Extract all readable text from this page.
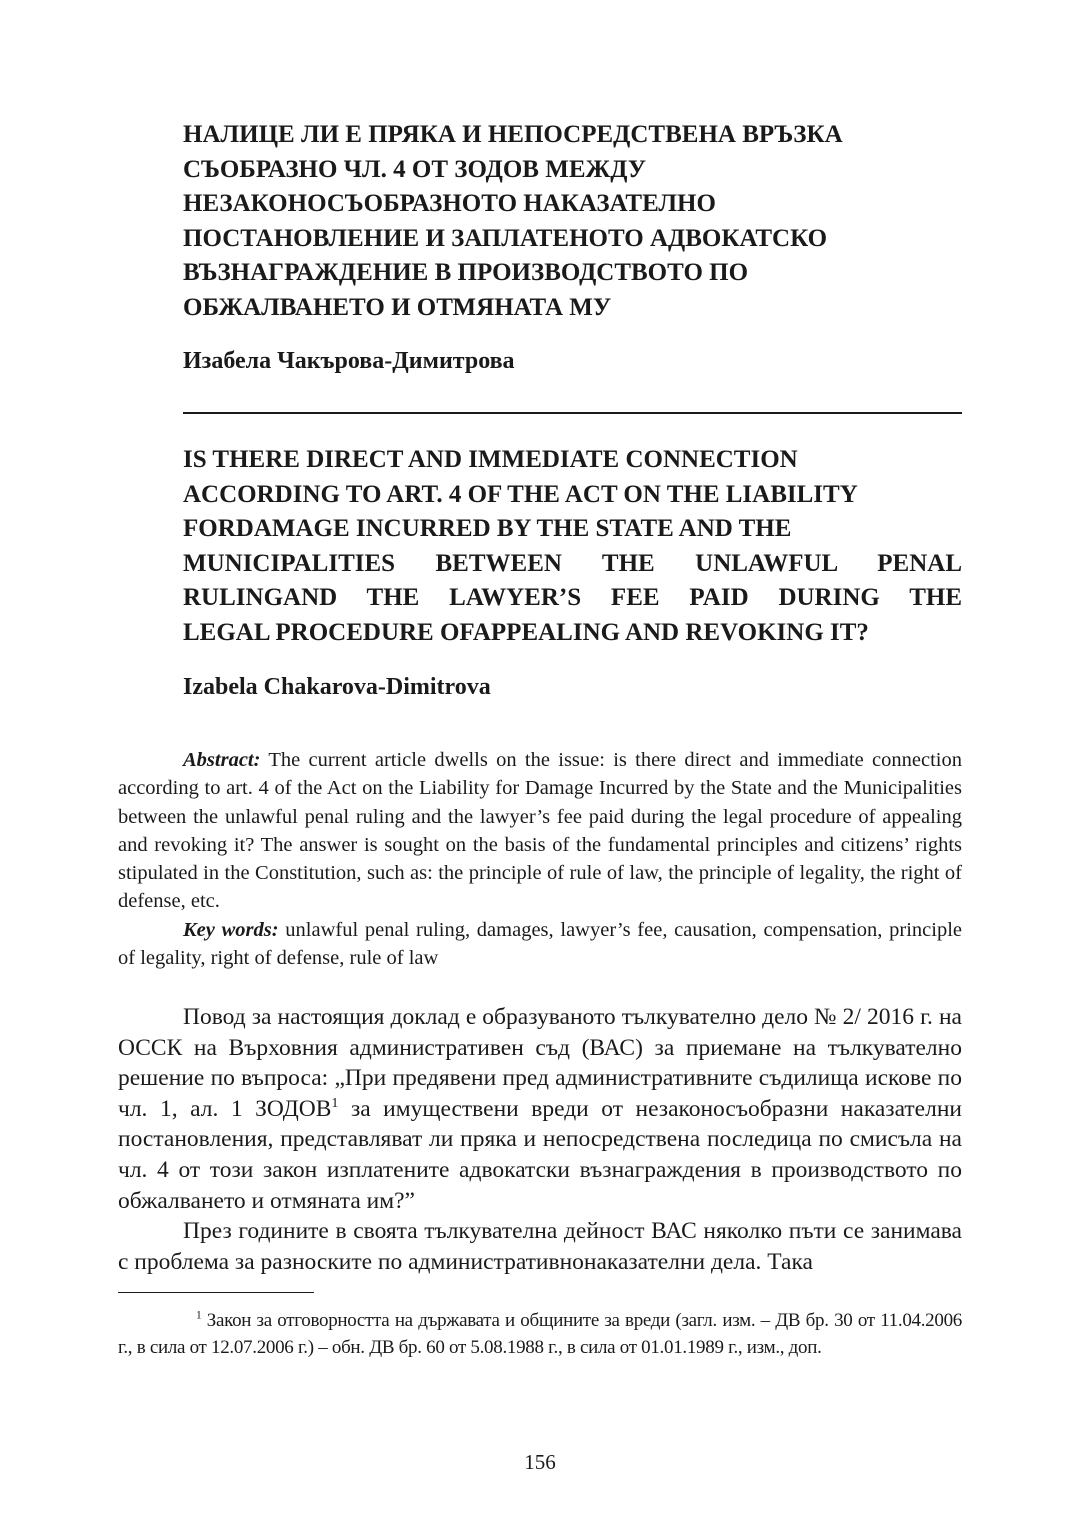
НАЛИЦЕ ЛИ Е ПРЯКА И НЕПОСРЕДСТВЕНА ВРЪЗКА
СЪОБРАЗНО ЧЛ. 4 ОТ ЗОДОВ МЕЖДУ
НЕЗАКОНОСЪОБРАЗНОТО НАКАЗАТЕЛНО
ПОСТАНОВЛЕНИЕ И ЗАПЛАТЕНОТО АДВОКАТСКО
ВЪЗНАГРАЖДЕНИЕ В ПРОИЗВОДСТВОТО ПО
ОБЖАЛВАНЕТО И ОТМЯНАТА МУ

Изабела Чакърова-Димитрова

IS THERE DIRECT AND IMMEDIATE CONNECTION
ACCORDING TO ART. 4 OF THE ACT ON THE LIABILITY
FORDAMAGE INCURRED BY THE STATE AND THE
MUNICIPALITIES BETWEEN THE UNLAWFUL PENAL
RULINGAND THE LAWYER’S FEE PAID DURING THE
LEGAL PROCEDURE OFAPPEALING AND REVOKING IT?

Izabela Chakarova-Dimitrova

Abstract: The current article dwells on the issue: is there direct and immediate connection according to art. 4 of the Act on the Liability for Damage Incurred by the State and the Municipalities between the unlawful penal ruling and the lawyer’s fee paid during the legal procedure of appealing and revoking it? The answer is sought on the basis of the fundamental principles and citizens’ rights stipulated in the Constitution, such as: the principle of rule of law, the principle of legality, the right of defense, etc.

Key words: unlawful penal ruling, damages, lawyer’s fee, causation, compensation, principle of legality, right of defense, rule of law

Повод за настоящия доклад е образуваното тълкувателно дело № 2/ 2016 г. на ОССК на Върховния административен съд (ВАС) за приемане на тълкувателно решение по въпроса: „При предявени пред административните съдилища искове по чл. 1, ал. 1 ЗОДОВ$^1$ за имуществени вреди от незаконосъобразни наказателни постановления, представляват ли пряка и непосредствена последица по смисъла на чл. 4 от този закон изплатените адвокатски възнаграждения в производството по обжалването и отмяната им?”

През годините в своята тълкувателна дейност ВАС няколко пъти се занимава с проблема за разноските по административнонаказателни дела. Така

$^1$ Закон за отговорността на държавата и общините за вреди (загл. изм. – ДВ бр. 30 от 11.04.2006 г., в сила от 12.07.2006 г.) – обн. ДВ бр. 60 от 5.08.1988 г., в сила от 01.01.1989 г., изм., доп.

156
